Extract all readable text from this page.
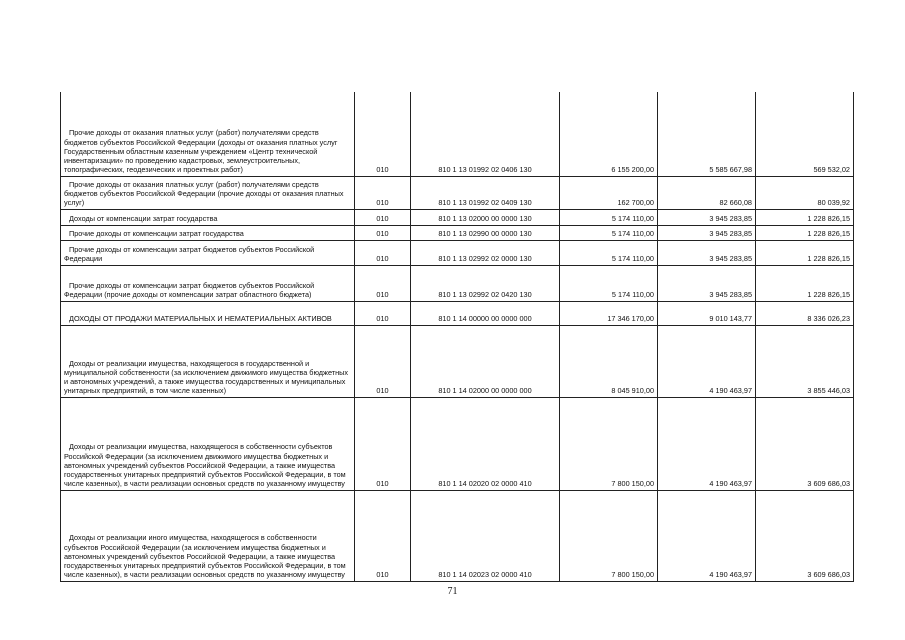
Прочие доходы от оказания платных услуг (работ) получателями средств бюджетов субъектов Российской Федерации (доходы от оказания платных услуг Государственным областным казенным учреждением «Центр технической инвентаризации» по проведению кадастровых, землеустроительных, топографических, геодезических и проектных работ)	010	810 1 13 01992 02 0406 130	6 155 200,00	5 585 667,98	569 532,02

Прочие доходы от оказания платных услуг (работ) получателями средств бюджетов субъектов Российской Федерации (прочие доходы от оказания платных услуг)	010	810 1 13 01992 02 0409 130	162 700,00	82 660,08	80 039,92

Доходы от компенсации затрат государства	010	810 1 13 02000 00 0000 130	5 174 110,00	3 945 283,85	1 228 826,15

Прочие доходы от компенсации затрат государства	010	810 1 13 02990 00 0000 130	5 174 110,00	3 945 283,85	1 228 826,15

Прочие доходы от компенсации затрат бюджетов субъектов Российской Федерации	010	810 1 13 02992 02 0000 130	5 174 110,00	3 945 283,85	1 228 826,15

Прочие доходы от компенсации затрат бюджетов субъектов Российской Федерации (прочие доходы от компенсации затрат областного бюджета)	010	810 1 13 02992 02 0420 130	5 174 110,00	3 945 283,85	1 228 826,15

ДОХОДЫ ОТ ПРОДАЖИ МАТЕРИАЛЬНЫХ И НЕМАТЕРИАЛЬНЫХ АКТИВОВ	010	810 1 14 00000 00 0000 000	17 346 170,00	9 010 143,77	8 336 026,23

Доходы от реализации имущества, находящегося в государственной и муниципальной собственности (за исключением движимого имущества бюджетных и автономных учреждений, а также имущества государственных и муниципальных унитарных предприятий, в том числе казенных)	010	810 1 14 02000 00 0000 000	8 045 910,00	4 190 463,97	3 855 446,03

Доходы от реализации имущества, находящегося в собственности субъектов Российской Федерации (за исключением движимого имущества бюджетных и автономных учреждений субъектов Российской Федерации, а также имущества государственных унитарных предприятий субъектов Российской Федерации, в том числе казенных), в части реализации основных средств по указанному имуществу	010	810 1 14 02020 02 0000 410	7 800 150,00	4 190 463,97	3 609 686,03

Доходы от реализации иного имущества, находящегося в собственности субъектов Российской Федерации (за исключением имущества бюджетных и автономных учреждений субъектов Российской Федерации, а также имущества государственных унитарных предприятий субъектов Российской Федерации, в том числе казенных), в части реализации основных средств по указанному имуществу	010	810 1 14 02023 02 0000 410	7 800 150,00	4 190 463,97	3 609 686,03
71
